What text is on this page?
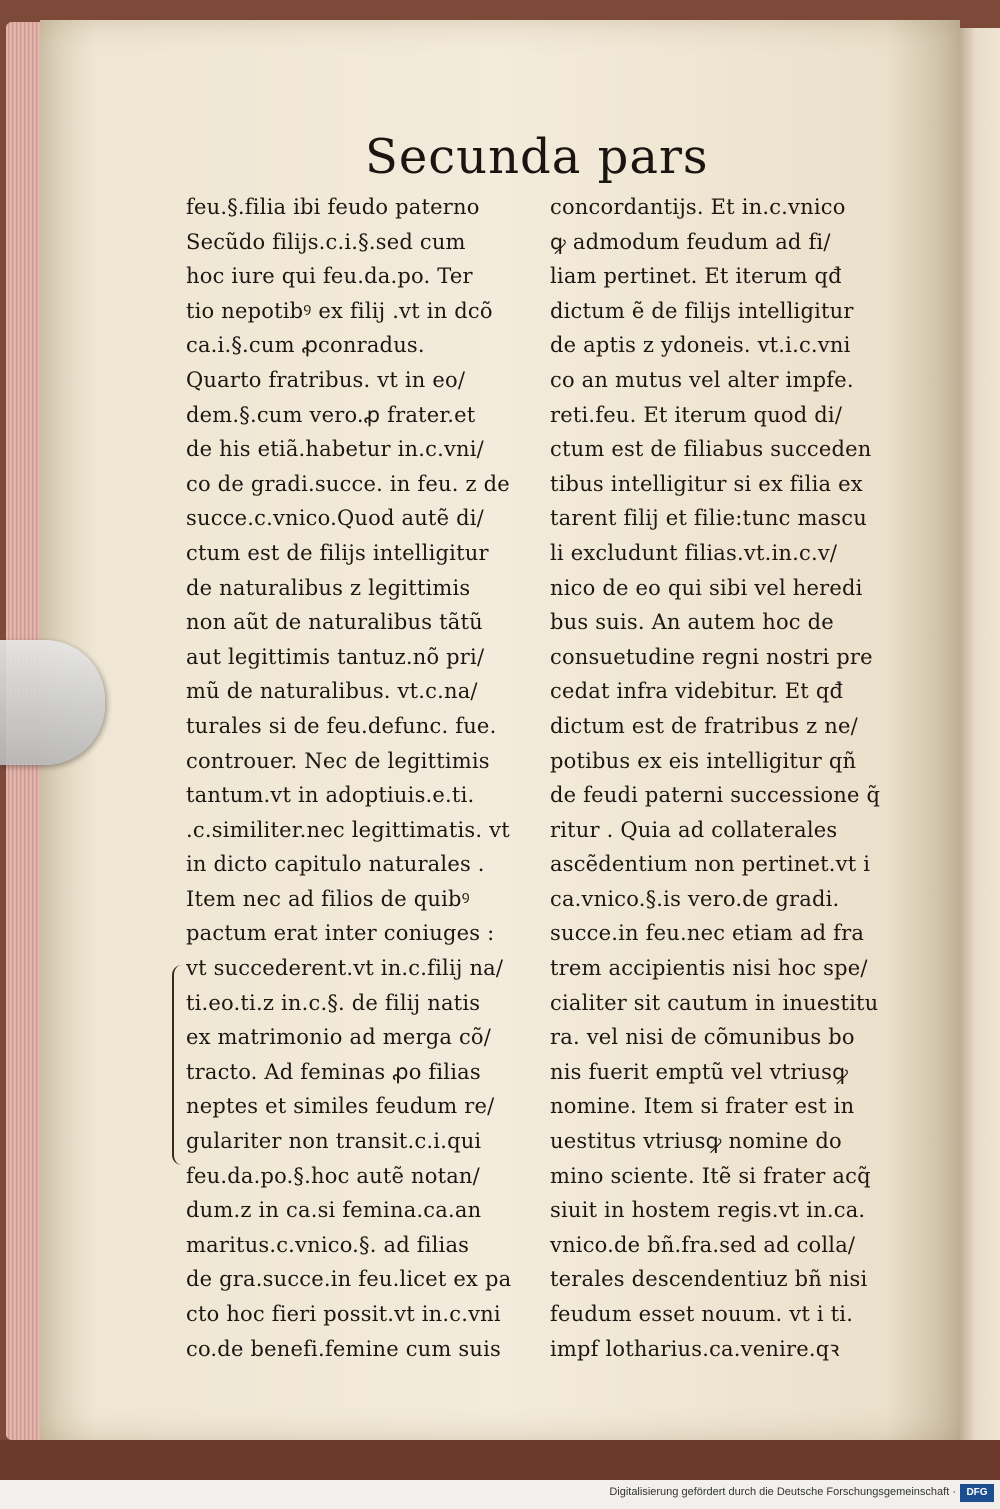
Secunda pars
feu.§.filia ibi feudo paterno
Secũdo filijs.c.i.§.sed cum
hoc iure qui feu.da.po. Ter
tio nepotibꝰ ex filij .vt in dcõ
ca.i.§.cum ꝓconradus.
Quarto fratribus. vt in eo/
dem.§.cum vero.ꝓ frater.et
de his etiã.habetur in.c.vni/
co de gradi.succe. in feu. z de
succe.c.vnico.Quod autẽ di/
ctum est de filijs intelligitur
de naturalibus z legittimis
non aũt de naturalibus tãtũ
aut legittimis tantuz.nõ pri/
mũ de naturalibus. vt.c.na/
turales si de feu.defunc. fue.
controuer. Nec de legittimis
tantum.vt in adoptiuis.e.ti.
.c.similiter.nec legittimatis. vt
in dicto capitulo naturales .
Item nec ad filios de quibꝰ
pactum erat inter coniuges :
vt succederent.vt in.c.filij na/
ti.eo.ti.z in.c.§. de filij natis
ex matrimonio ad merga cõ/
tracto. Ad feminas ꝓo filias
neptes et similes feudum re/
gulariter non transit.c.i.qui
feu.da.po.§.hoc autẽ notan/
dum.z in ca.si femina.ca.an
maritus.c.vnico.§. ad filias
de gra.succe.in feu.licet ex pa
cto hoc fieri possit.vt in.c.vni
co.de benefi.femine cum suis
concordantijs. Et in.c.vnico
ꝙ admodum feudum ad fi/
liam pertinet. Et iterum qđ
dictum ẽ de filijs intelligitur
de aptis z ydoneis. vt.i.c.vni
co an mutus vel alter impfe.
reti.feu. Et iterum quod di/
ctum est de filiabus succeden
tibus intelligitur si ex filia ex
tarent filij et filie:tunc mascu
li excludunt filias.vt.in.c.v/
nico de eo qui sibi vel heredi
bus suis. An autem hoc de
consuetudine regni nostri pre
cedat infra videbitur. Et qđ
dictum est de fratribus z ne/
potibus ex eis intelligitur qñ
de feudi paterni successione q̃
ritur . Quia ad collaterales
ascẽdentium non pertinet.vt i
ca.vnico.§.is vero.de gradi.
succe.in feu.nec etiam ad fra
trem accipientis nisi hoc spe/
cialiter sit cautum in inuestitu
ra. vel nisi de cõmunibus bo
nis fuerit emptũ vel vtriusꝙ
nomine. Item si frater est in
uestitus vtriusꝙ nomine do
mino sciente. Itẽ si frater acq̃
siuit in hostem regis.vt in.ca.
vnico.de bñ.fra.sed ad colla/
terales descendentiuz bñ nisi
feudum esset nouum. vt i ti.
impf lotharius.ca.venire.qꝛ
Digitalisierung gefördert durch die Deutsche Forschungsgemeinschaft ·	DFG
